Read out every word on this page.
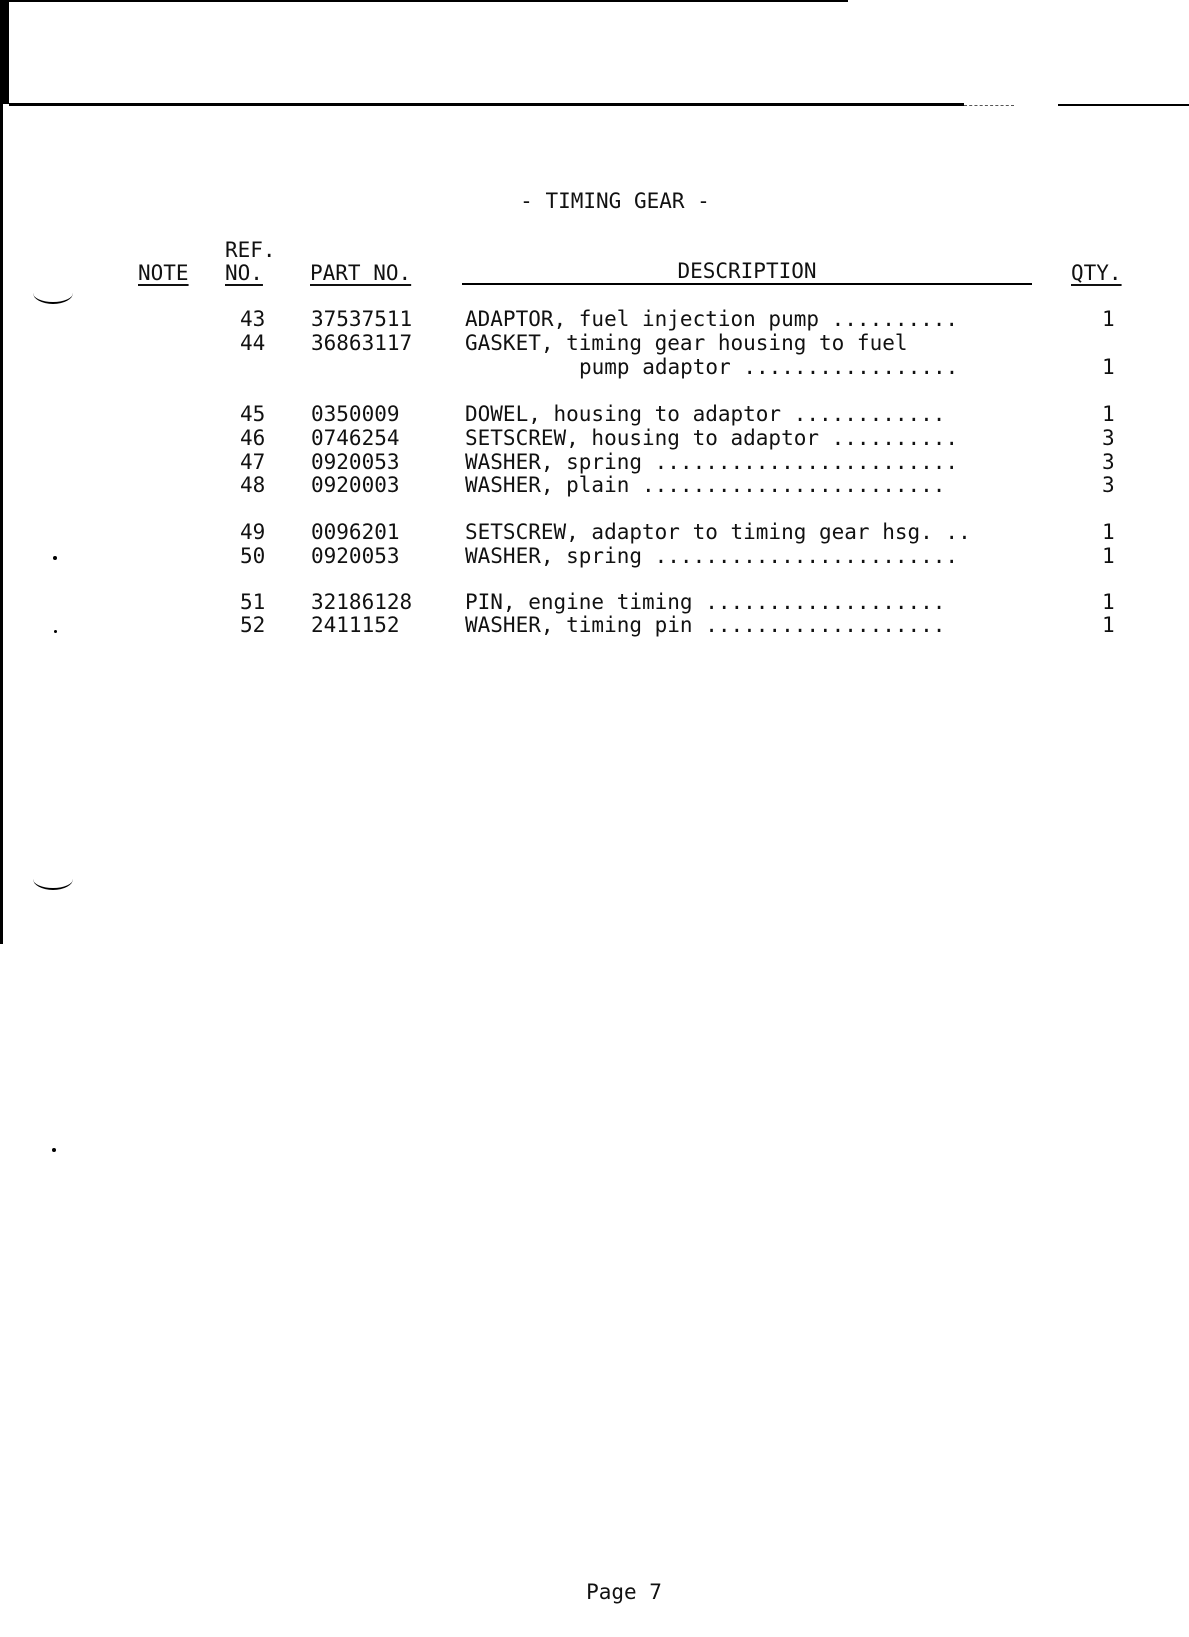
- TIMING GEAR -
NOTE
REF.
NO. PART NO.	DESCRIPTION	QTY.
43 37537511	ADAPTOR, fuel injection pump ..........	1
44 36863117	GASKET, timing gear housing to fuel
pump adaptor .................	1
45 0350009	DOWEL, housing to adaptor ............	1
46 0746254	SETSCREW, housing to adaptor ..........	3
47 0920053	WASHER, spring ........................	3
48 0920003	WASHER, plain ........................	3
49 0096201	SETSCREW, adaptor to timing gear hsg. ..	1
50 0920053	WASHER, spring ........................	1
51 32186128	PIN, engine timing ...................	1
52 2411152	WASHER, timing pin ...................	1
Page 7
